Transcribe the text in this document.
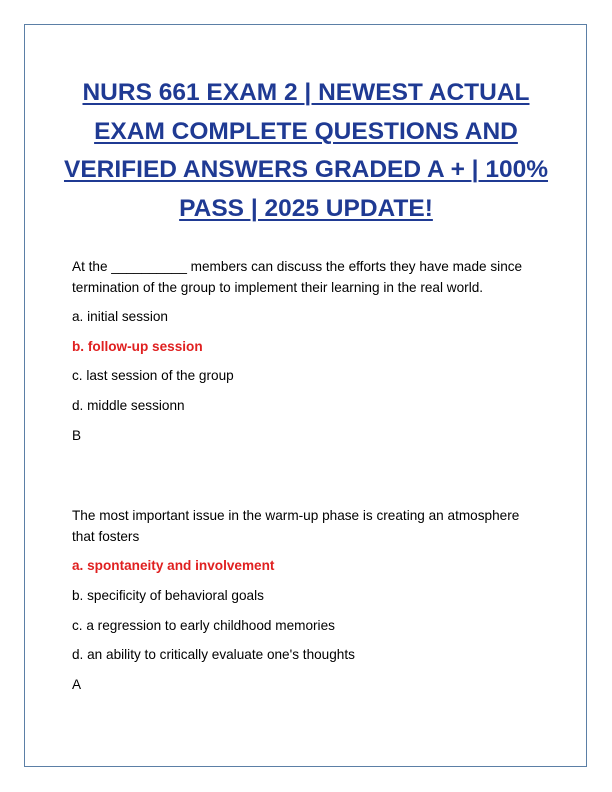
NURS 661 EXAM 2 | NEWEST ACTUAL EXAM COMPLETE QUESTIONS AND VERIFIED ANSWERS GRADED A + | 100% PASS | 2025 UPDATE!

At the __________ members can discuss the efforts they have made since termination of the group to implement their learning in the real world.

a. initial session

b. follow-up session

c. last session of the group

d. middle sessionn

B

The most important issue in the warm-up phase is creating an atmosphere that fosters

a. spontaneity and involvement

b. specificity of behavioral goals

c. a regression to early childhood memories

d. an ability to critically evaluate one's thoughts

A
